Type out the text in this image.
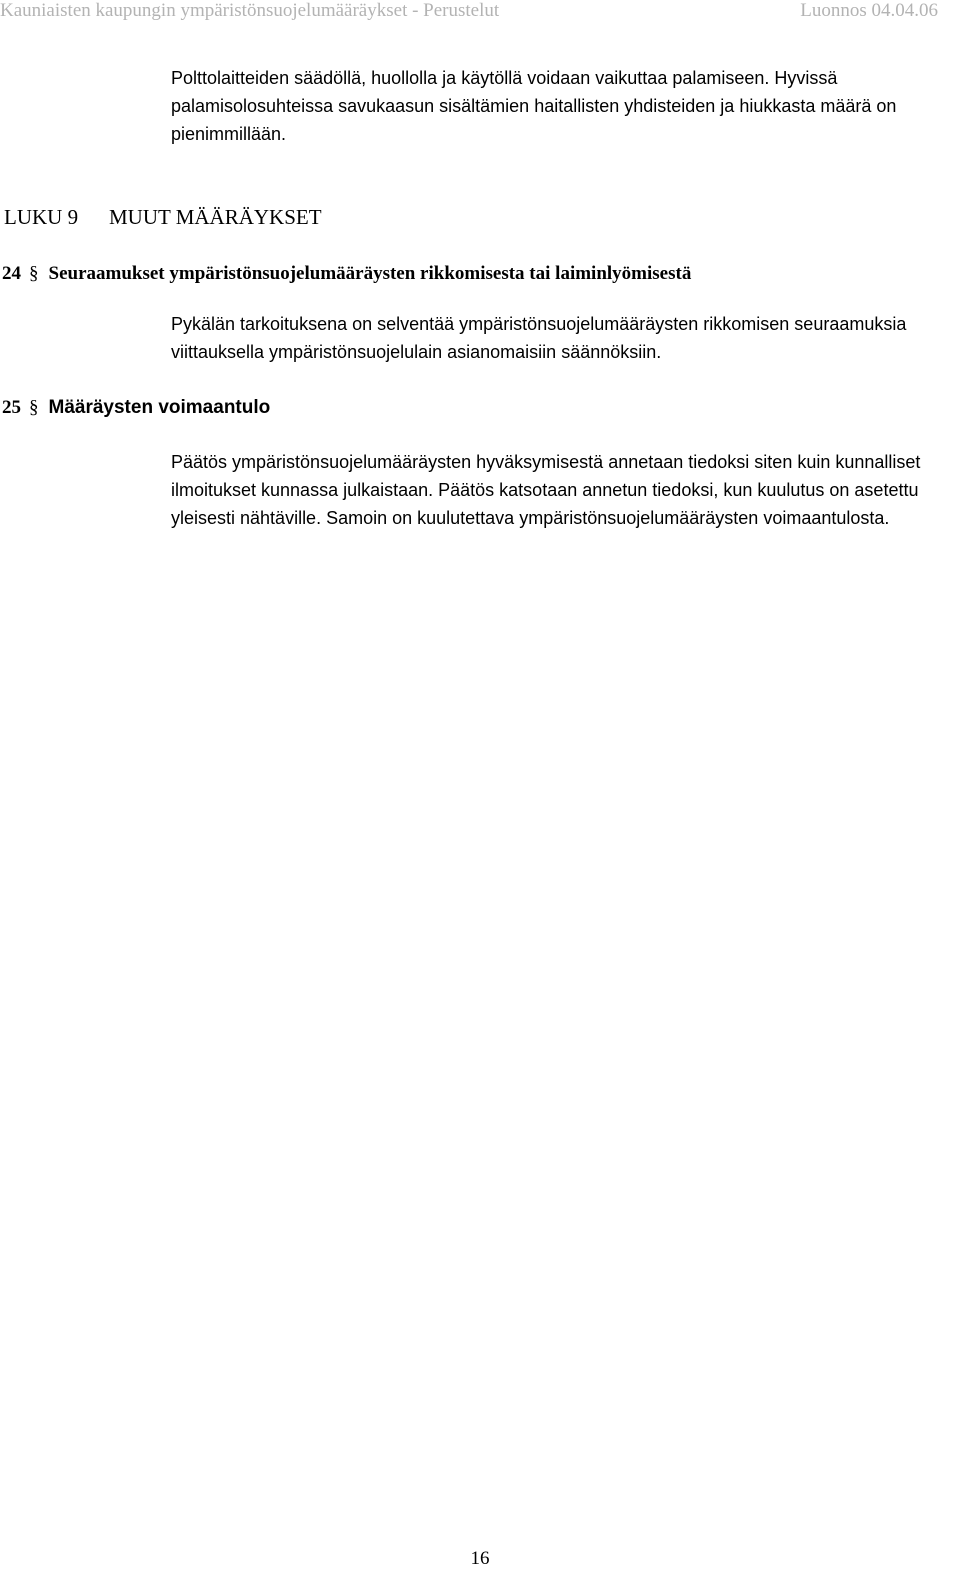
Kauniaisten kaupungin ympäristönsuojelumääräykset - Perustelut	Luonnos 04.04.06

Polttolaitteiden säädöllä, huollolla ja käytöllä voidaan vaikuttaa palamiseen. Hyvissä palamisolosuhteissa savukaasun sisältämien haitallisten yhdisteiden ja hiukkasta määrä on pienimmillään.

LUKU 9 MUUT MÄÄRÄYKSET
24 § Seuraamukset ympäristönsuojelumääräysten rikkomisesta tai laiminlyömisestä

Pykälän tarkoituksena on selventää ympäristönsuojelumääräysten rikkomisen seuraamuksia viittauksella ympäristönsuojelulain asianomaisiin säännöksiin.

25 § Määräysten voimaantulo

Päätös ympäristönsuojelumääräysten hyväksymisestä annetaan tiedoksi siten kuin kunnalliset ilmoitukset kunnassa julkaistaan. Päätös katsotaan annetun tiedoksi, kun kuulutus on asetettu yleisesti nähtäville. Samoin on kuulutettava ympäristönsuojelumääräysten voimaantulosta.

16
